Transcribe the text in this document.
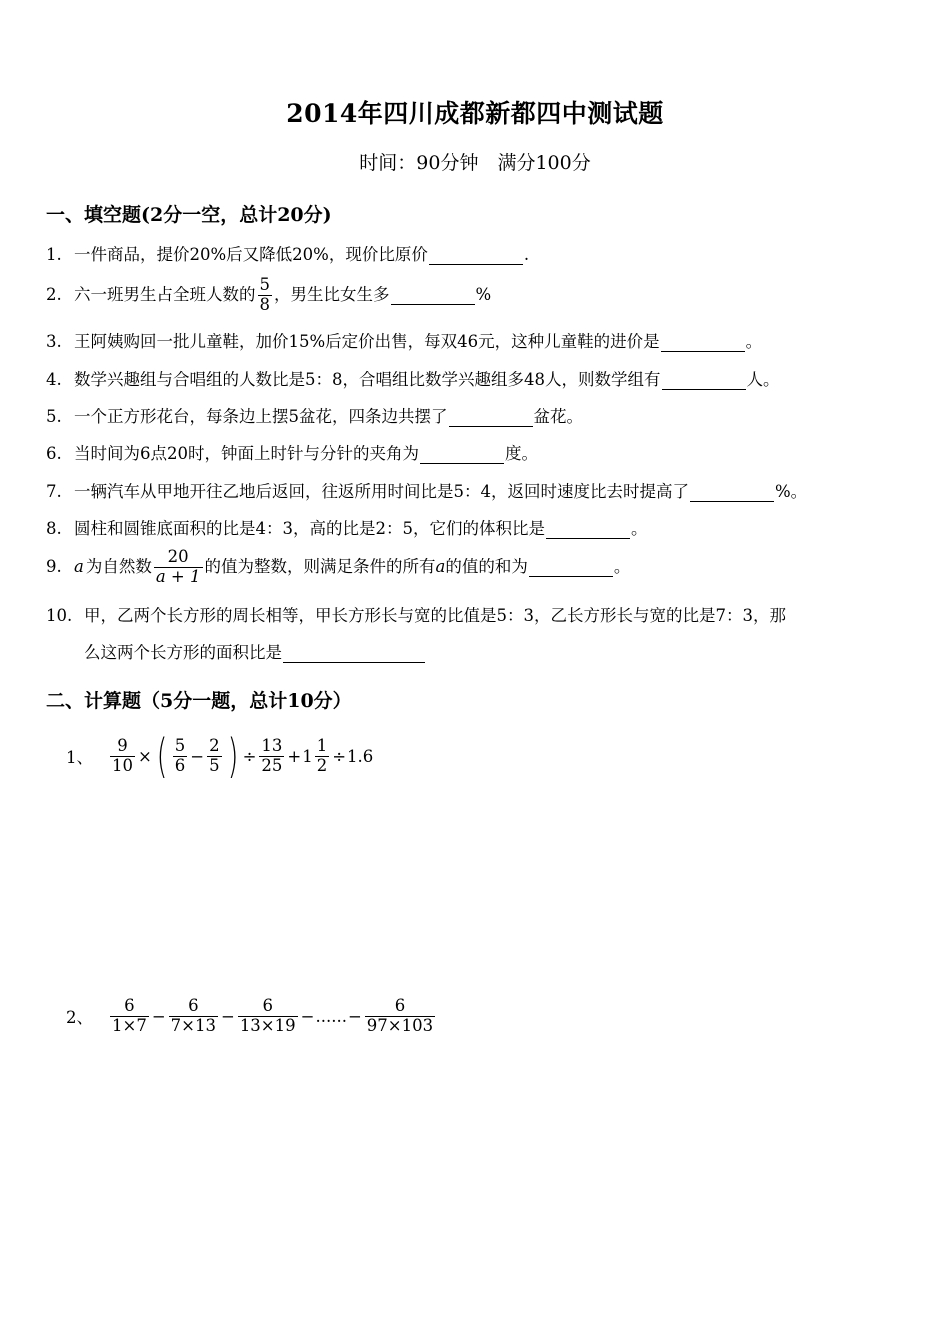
2014年四川成都新都四中测试题
时间：90分钟　满分100分
一、填空题(2分一空，总计20分)
1. 一件商品，提价20%后又降低20%，现价比原价	.
2. 六一班男生占全班人数的 $\frac{5}{8}$ ，男生比女生多	%
3. 王阿姨购回一批儿童鞋，加价15%后定价出售，每双46元，这种儿童鞋的进价是	。
4. 数学兴趣组与合唱组的人数比是5：8，合唱组比数学兴趣组多48人，则数学组有	人。
5. 一个正方形花台，每条边上摆5盆花，四条边共摆了	盆花。
6. 当时间为6点20时，钟面上时针与分针的夹角为	度。
7. 一辆汽车从甲地开往乙地后返回，往返所用时间比是5：4，返回时速度比去时提高了	%。
8. 圆柱和圆锥底面积的比是4：3，高的比是2：5，它们的体积比是	。
9. a 为自然数 $\frac{20}{a + 1}$ 的值为整数，则满足条件的所有 a 的值的和为	。
10. 甲，乙两个长方形的周长相等，甲长方形长与宽的比值是5：3，乙长方形长与宽的比是7：3，那
么这两个长方形的面积比是
二、计算题（5分一题，总计10分）
1、	$\frac{9}{10}$ × ( $\frac{5}{6} - \frac{2}{5}$ ) ÷ $\frac{13}{25} + 1 \frac{1}{2} \div 1.6$
2、	$\frac{6}{1\times 7} - \frac{6}{7\times 13} - \frac{6}{13\times 19}$ − ...... − $\frac{6}{97\times 103}$
